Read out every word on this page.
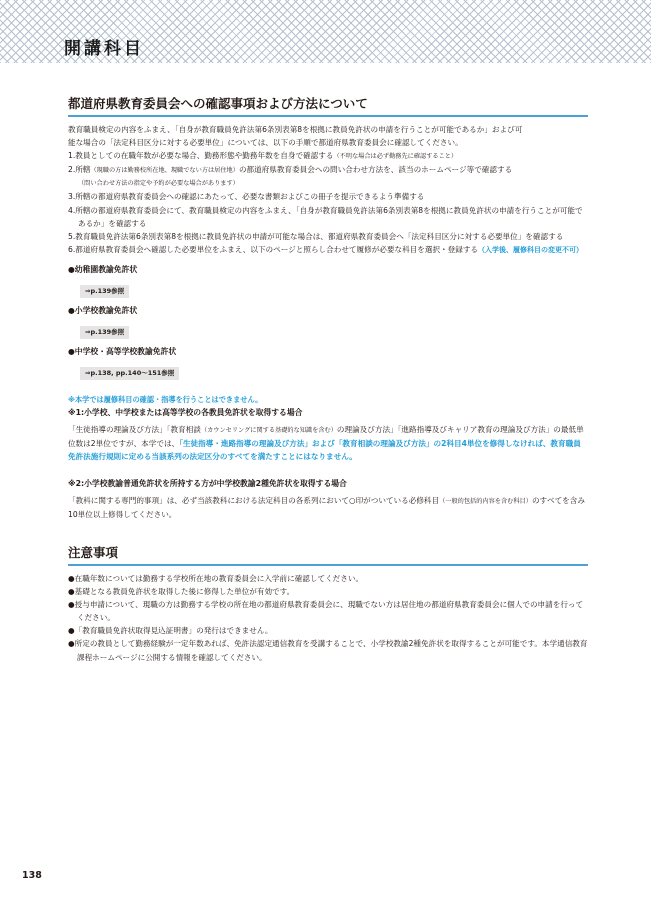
開講科目
都道府県教育委員会への確認事項および方法について

教育職員検定の内容をふまえ、「自身が教育職員免許法第6条別表第8を根拠に教員免許状の申請を行うことが可能であるか」および可

能な場合の「法定科目区分に対する必要単位」については、以下の手順で都道府県教育委員会に確認してください。

1.教員としての在職年数が必要な場合、勤務形態や勤務年数を自身で確認する（不明な場合は必ず勤務先に確認すること）

2.所轄（現職の方は勤務校所在地、現職でない方は居住地）の都道府県教育委員会への問い合わせ方法を、該当のホームページ等で確認する

（問い合わせ方法の指定や予約が必要な場合があります）

3.所轄の都道府県教育委員会への確認にあたって、必要な書類およびこの冊子を提示できるよう準備する

4.所轄の都道府県教育委員会にて、教育職員検定の内容をふまえ、「自身が教育職員免許法第6条別表第8を根拠に教員免許状の申請を行うことが可能であるか」を確認する

5.教育職員免許法第6条別表第8を根拠に教員免許状の申請が可能な場合は、都道府県教育委員会へ「法定科目区分に対する必要単位」を確認する

6.都道府県教育委員会へ確認した必要単位をふまえ、以下のページと照らし合わせて履修が必要な科目を選択・登録する（入学後、履修科目の変更不可）

●幼稚園教諭免許状
⇒p.139参照
●小学校教諭免許状
⇒p.139参照
●中学校・高等学校教諭免許状
⇒p.138, pp.140～151参照

※本学では履修科目の確認・指導を行うことはできません。

※1:小学校、中学校または高等学校の各教員免許状を取得する場合

「生徒指導の理論及び方法」「教育相談（カウンセリングに関する基礎的な知識を含む）の理論及び方法」「進路指導及びキャリア教育の理論及び方法」の最低単位数は2単位ですが、本学では、「生徒指導・進路指導の理論及び方法」および「教育相談の理論及び方法」の2科目4単位を修得しなければ、教育職員免許法施行規則に定める当該系列の法定区分のすべてを満たすことにはなりません。

※2:小学校教諭普通免許状を所持する方が中学校教諭2種免許状を取得する場合

「教科に関する専門的事項」は、必ず当該教科における法定科目の各系列において○印がついている必修科目（一般的包括的内容を含む科目）のすべてを含み10単位以上修得してください。

注意事項

●在職年数については勤務する学校所在地の教育委員会に入学前に確認してください。

●基礎となる教員免許状を取得した後に修得した単位が有効です。

●授与申請について、現職の方は勤務する学校の所在地の都道府県教育委員会に、現職でない方は居住地の都道府県教育委員会に個人での申請を行ってください。

●「教育職員免許状取得見込証明書」の発行はできません。

●所定の教員として勤務経験が一定年数あれば、免許法認定通信教育を受講することで、小学校教諭2種免許状を取得することが可能です。本学通信教育課程ホームページに公開する情報を確認してください。

138
